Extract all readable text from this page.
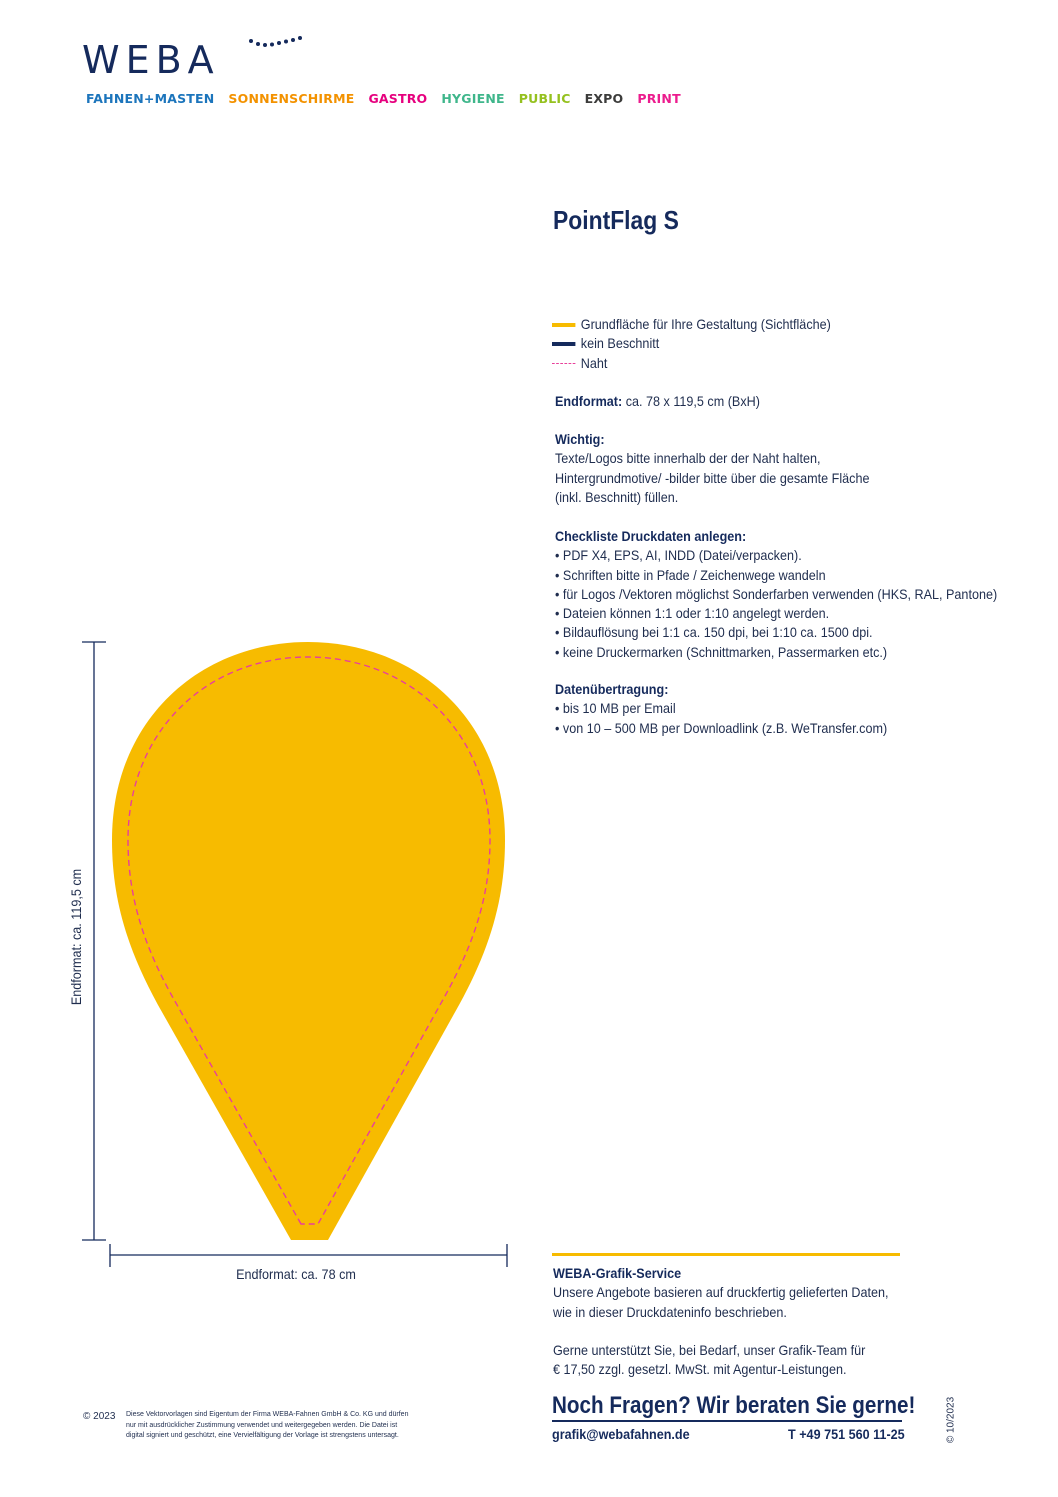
WEBA
FAHNEN+MASTEN SONNENSCHIRME GASTRO HYGIENE PUBLIC EXPO PRINT
PointFlag S
Grundfläche für Ihre Gestaltung (Sichtfläche)
kein Beschnitt
Naht
Endformat: ca. 78 x 119,5 cm (BxH)
Wichtig:
Texte/Logos bitte innerhalb der der Naht halten,
Hintergrundmotive/ -bilder bitte über die gesamte Fläche
(inkl. Beschnitt) füllen.
Checkliste Druckdaten anlegen:
• PDF X4, EPS, AI, INDD (Datei/verpacken).
• Schriften bitte in Pfade / Zeichenwege wandeln
• für Logos /Vektoren möglichst Sonderfarben verwenden (HKS, RAL, Pantone)
• Dateien können 1:1 oder 1:10 angelegt werden.
• Bildauflösung bei 1:1 ca. 150 dpi, bei 1:10 ca. 1500 dpi.
• keine Druckermarken (Schnittmarken, Passermarken etc.)
Datenübertragung:
• bis 10 MB per Email
• von 10 – 500 MB per Downloadlink (z.B. WeTransfer.com)
Endformat: ca. 119,5 cm
Endformat: ca. 78 cm	WEBA-Grafik-Service
Unsere Angebote basieren auf druckfertig gelieferten Daten,
wie in dieser Druckdateninfo beschrieben.
Gerne unterstützt Sie, bei Bedarf, unser Grafik-Team für
€ 17,50 zzgl. gesetzl. MwSt. mit Agentur-Leistungen.
Noch Fragen? Wir beraten Sie gerne!
grafik@webafahnen.de	T +49 751 560 11-25
© 2023 Diese Vektorvorlagen sind Eigentum der Firma WEBA-Fahnen GmbH & Co. KG und dürfen
nur mit ausdrücklicher Zustimmung verwendet und weitergegeben werden. Die Datei ist
digital signiert und geschützt, eine Vervielfältigung der Vorlage ist strengstens untersagt.	© 10/2023
